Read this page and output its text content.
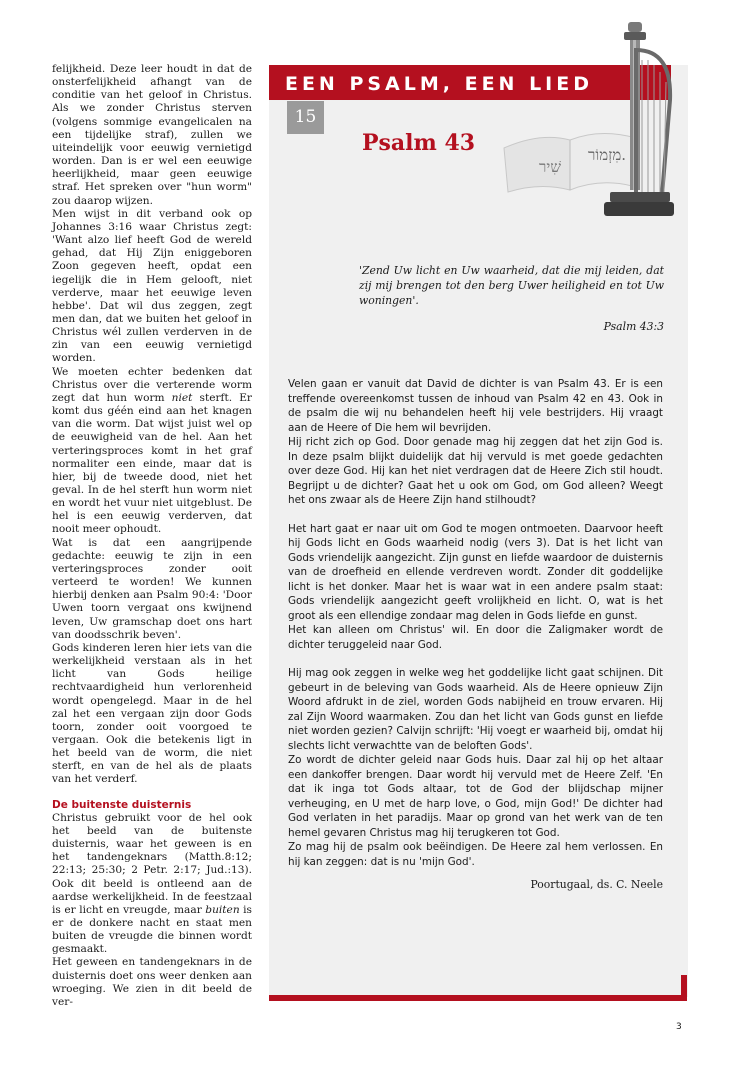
felijkheid. Deze leer houdt in dat de onsterfelijkheid afhangt van de conditie van het geloof in Christus. Als we zonder Christus sterven (volgens sommige evangelicalen na een tijdelijke straf), zullen we uiteindelijk voor eeuwig vernietigd worden. Dan is er wel een eeuwige heerlijkheid, maar geen eeuwige straf. Het spreken over "hun worm" zou daarop wijzen.

Men wijst in dit verband ook op Johannes 3:16 waar Christus zegt: 'Want alzo lief heeft God de wereld gehad, dat Hij Zijn eniggeboren Zoon gegeven heeft, opdat een iegelijk die in Hem gelooft, niet verderve, maar het eeuwige leven hebbe'. Dat wil dus zeggen, zegt men dan, dat we buiten het geloof in Christus wél zullen verderven in de zin van een eeuwig vernietigd worden.

We moeten echter bedenken dat Christus over die verterende worm zegt dat hun worm niet sterft. Er komt dus géén eind aan het knagen van die worm. Dat wijst juist wel op de eeuwigheid van de hel. Aan het verteringsproces komt in het graf normaliter een einde, maar dat is hier, bij de tweede dood, niet het geval. In de hel sterft hun worm niet en wordt het vuur niet uitgeblust. De hel is een eeuwig verderven, dat nooit meer ophoudt.

Wat is dat een aangrijpende gedachte: eeuwig te zijn in een verteringsproces zonder ooit verteerd te worden! We kunnen hierbij denken aan Psalm 90:4: 'Door Uwen toorn vergaat ons kwijnend leven, Uw gramschap doet ons hart van doodsschrik beven'.

Gods kinderen leren hier iets van die werkelijkheid verstaan als in het licht van Gods heilige rechtvaardigheid hun verlorenheid wordt opengelegd. Maar in de hel zal het een vergaan zijn door Gods toorn, zonder ooit voorgoed te vergaan. Ook die betekenis ligt in het beeld van de worm, die niet sterft, en van de hel als de plaats van het verderf.

De buitenste duisternis

Christus gebruikt voor de hel ook het beeld van de buitenste duisternis, waar het geween is en het tandengeknars (Matth.8:12; 22:13; 25:30; 2 Petr. 2:17; Jud.:13). Ook dit beeld is ontleend aan de aardse werkelijkheid. In de feestzaal is er licht en vreugde, maar buiten is er de donkere nacht en staat men buiten de vreugde die binnen wordt gesmaakt.

Het geween en tandengeknars in de duisternis doet ons weer denken aan wroeging. We zien in dit beeld de ver-

EEN PSALM, EEN LIED
15
Psalm 43	מִזְמוֹר.
שִׁיר

'Zend Uw licht en Uw waarheid, dat die mij leiden, dat zij mij brengen tot den berg Uwer heiligheid en tot Uw woningen'.

Psalm 43:3

Velen gaan er vanuit dat David de dichter is van Psalm 43. Er is een treffende overeenkomst tussen de inhoud van Psalm 42 en 43. Ook in de psalm die wij nu behandelen heeft hij vele bestrijders. Hij vraagt aan de Heere of Die hem wil bevrijden.

Hij richt zich op God. Door genade mag hij zeggen dat het zijn God is. In deze psalm blijkt duidelijk dat hij vervuld is met goede gedachten over deze God. Hij kan het niet verdragen dat de Heere Zich stil houdt. Begrijpt u de dichter? Gaat het u ook om God, om God alleen? Weegt het ons zwaar als de Heere Zijn hand stilhoudt?

Het hart gaat er naar uit om God te mogen ontmoeten. Daarvoor heeft hij Gods licht en Gods waarheid nodig (vers 3). Dat is het licht van Gods vriendelijk aangezicht. Zijn gunst en liefde waardoor de duisternis van de droefheid en ellende verdreven wordt. Zonder dit goddelijke licht is het donker. Maar het is waar wat in een andere psalm staat: Gods vriendelijk aangezicht geeft vrolijkheid en licht. O, wat is het groot als een ellendige zondaar mag delen in Gods liefde en gunst.

Het kan alleen om Christus' wil. En door die Zaligmaker wordt de dichter teruggeleid naar God.

Hij mag ook zeggen in welke weg het goddelijke licht gaat schijnen. Dit gebeurt in de beleving van Gods waarheid. Als de Heere opnieuw Zijn Woord afdrukt in de ziel, worden Gods nabijheid en trouw ervaren. Hij zal Zijn Woord waarmaken. Zou dan het licht van Gods gunst en liefde niet worden gezien? Calvijn schrijft: 'Hij voegt er waarheid bij, omdat hij slechts licht verwachtte van de beloften Gods'.

Zo wordt de dichter geleid naar Gods huis. Daar zal hij op het altaar een dankoffer brengen. Daar wordt hij vervuld met de Heere Zelf. 'En dat ik inga tot Gods altaar, tot de God der blijdschap mijner verheuging, en U met de harp love, o God, mijn God!' De dichter had God verlaten in het paradijs. Maar op grond van het werk van de ten hemel gevaren Christus mag hij terugkeren tot God.

Zo mag hij de psalm ook beëindigen. De Heere zal hem verlossen. En hij kan zeggen: dat is nu 'mijn God'.

Poortugaal, ds. C. Neele
3
